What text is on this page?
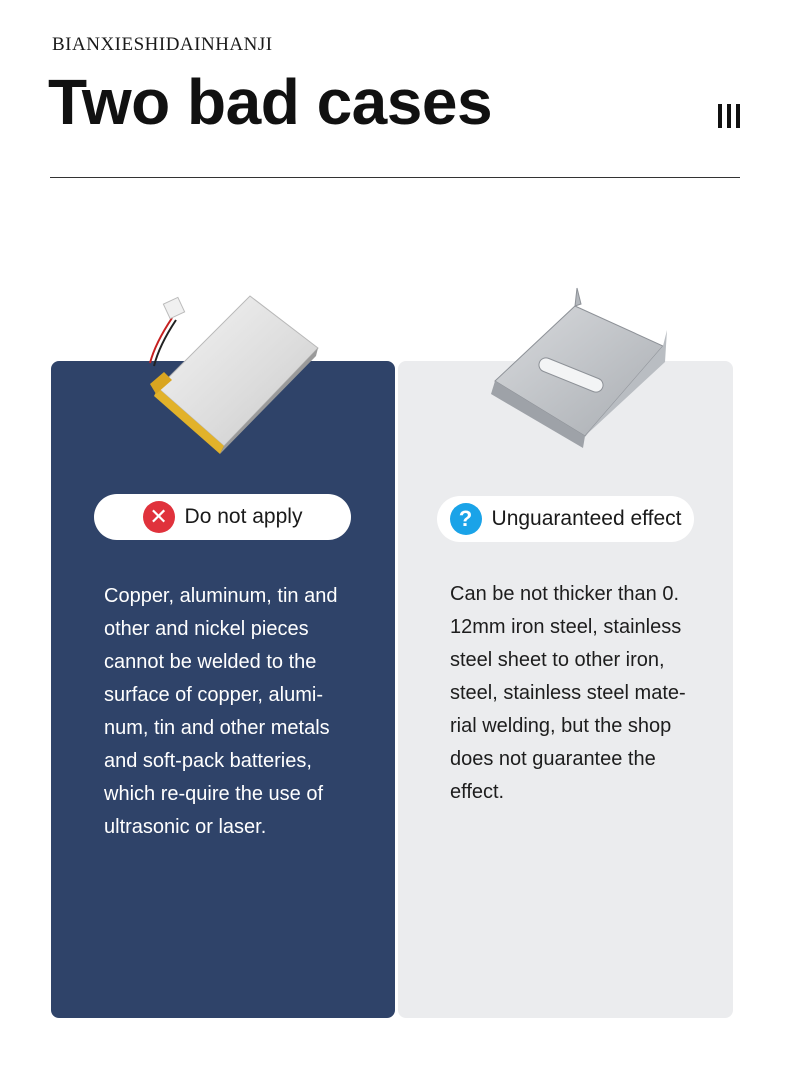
BIANXIESHIDAINHANJI
Two bad cases
✕ Do not apply	? Unguaranteed effect
Copper, aluminum, tin and
other and nickel pieces
cannot be welded to the
surface of copper, alumi-
num, tin and other metals
and soft-pack batteries,
which re-quire the use of
ultrasonic or laser.
Can be not thicker than 0.
12mm iron steel, stainless
steel sheet to other iron,
steel, stainless steel mate-
rial welding, but the shop
does not guarantee the
effect.
